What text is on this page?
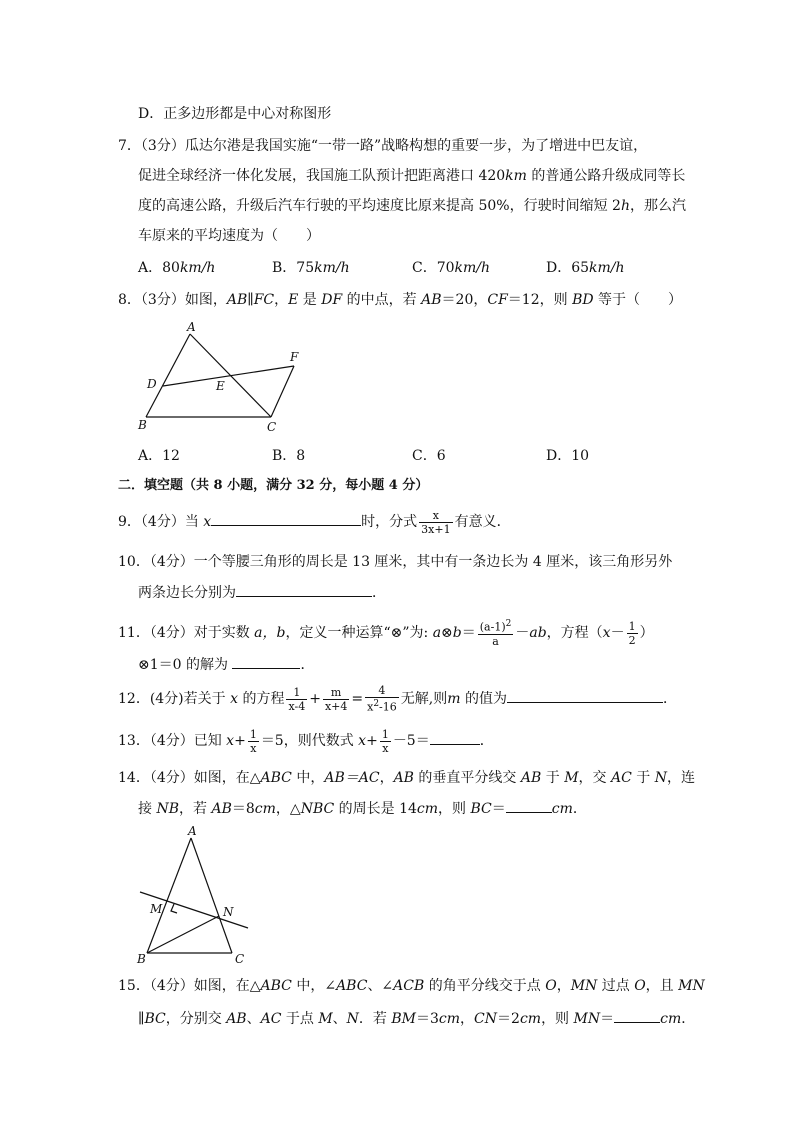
D．正多边形都是中心对称图形
7．（3分）瓜达尔港是我国实施“一带一路”战略构想的重要一步，为了增进中巴友谊，
促进全球经济一体化发展，我国施工队预计把距离港口 420km 的普通公路升级成同等长
度的高速公路，升级后汽车行驶的平均速度比原来提高 50%，行驶时间缩短 2h，那么汽
车原来的平均速度为（　　）
A．80km/h	B．75km/h	C．70km/h	D．65km/h
8．（3分）如图，AB∥FC，E 是 DF 的中点，若 AB＝20，CF＝12，则 BD 等于（　　）
A
B	C
D	E
F
A．12	B．8	C．6	D．10
二．填空题（共 8 小题，满分 32 分，每小题 4 分）
9．（4分）当 x	时，分式 $\frac{x}{3x+1}$ 有意义．
10．（4分）一个等腰三角形的周长是 13 厘米，其中有一条边长为 4 厘米，该三角形另外
两条边长分别为	．
11．（4分）对于实数 a，b，定义一种运算“⊗”为: a⊗b＝ $\frac{(a-1)^2}{a} -ab$，方程（$x- \frac{1}{2}$ ）
⊗1＝0 的解为	．
12．(4分)若关于 x 的方程 $\frac{1}{x-4} + \frac{m}{x+4} = \frac{4}{x^2-16}$ 无解,则m 的值为	．
13．（4分）已知 $x+ \frac{1}{x} =5$，则代数式 $x+ \frac{1}{x} -5=$	．
14．（4分）如图，在△ABC 中，AB＝AC，AB 的垂直平分线交 AB 于 M，交 AC 于 N，连
接 NB，若 AB＝8cm，△NBC 的周长是 14cm，则 BC＝	cm．
A
B	C
M	N
15．（4分）如图，在△ABC 中，∠ABC、∠ACB 的角平分线交于点 O，MN 过点 O，且 MN
∥BC，分别交 AB、AC 于点 M、N．若 BM＝3cm，CN＝2cm，则 MN＝	cm．
